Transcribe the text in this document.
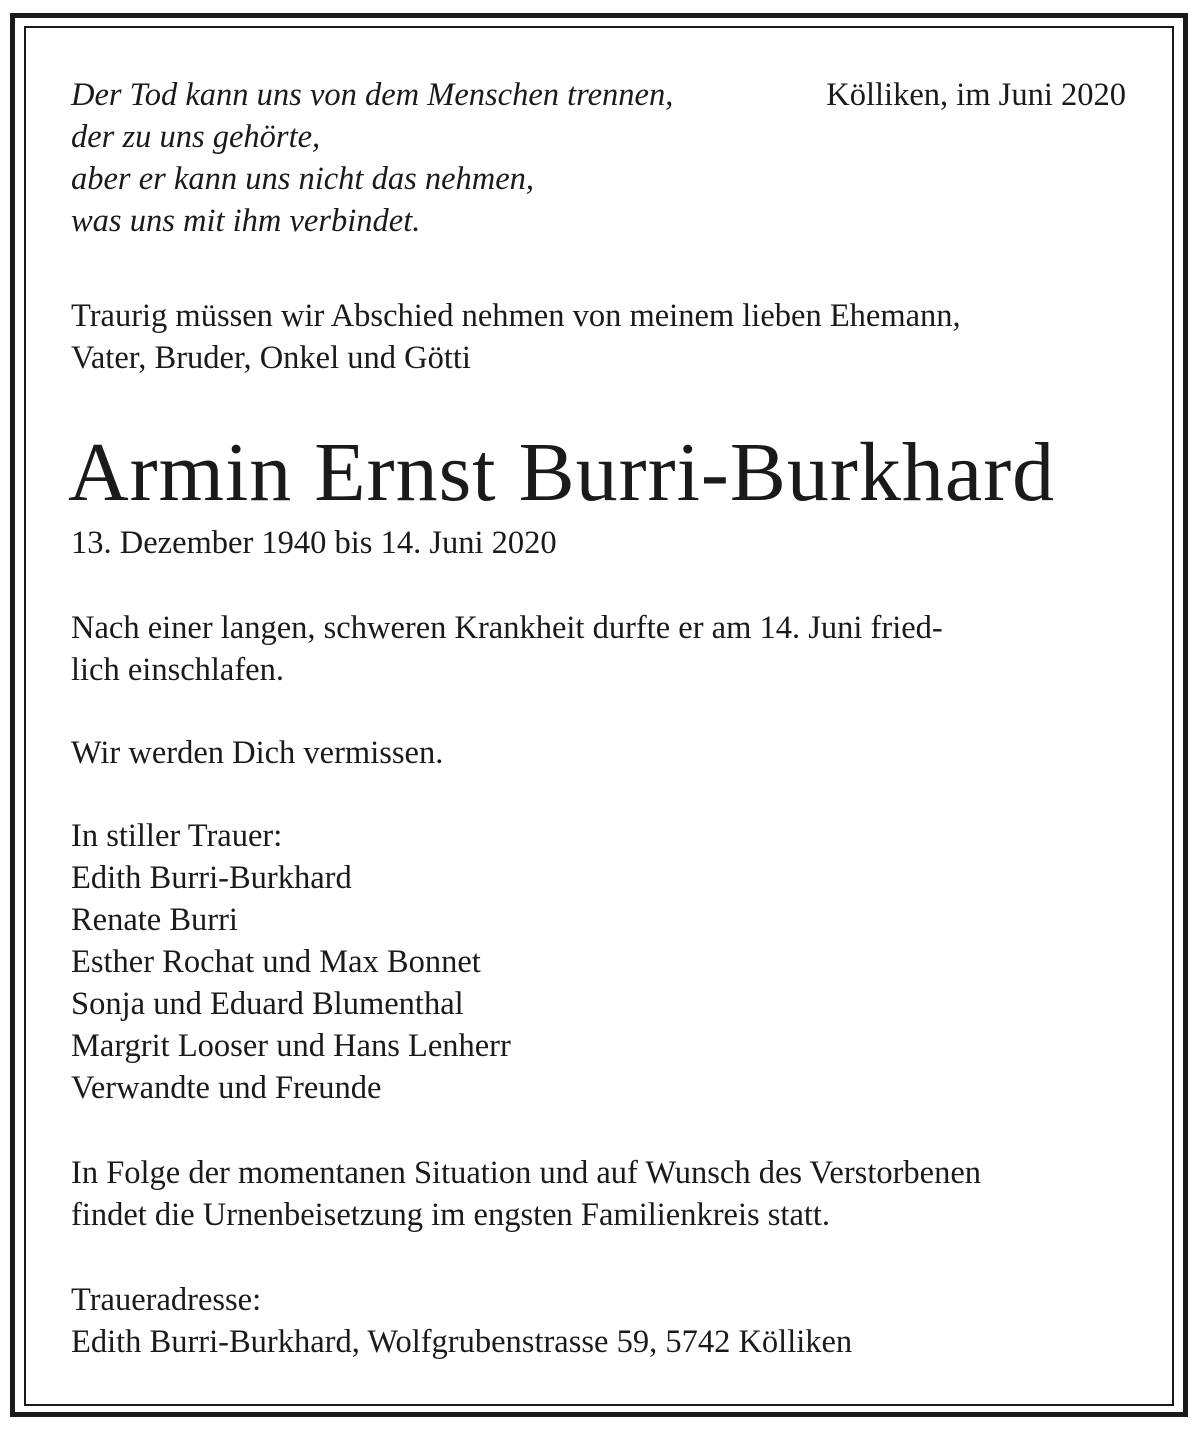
Der Tod kann uns von dem Menschen trennen,
der zu uns gehörte,
aber er kann uns nicht das nehmen,
was uns mit ihm verbindet.
Kölliken, im Juni 2020
Traurig müssen wir Abschied nehmen von meinem lieben Ehemann,
Vater, Bruder, Onkel und Götti
Armin Ernst Burri-Burkhard
13. Dezember 1940 bis 14. Juni 2020
Nach einer langen, schweren Krankheit durfte er am 14. Juni fried-
lich einschlafen.
Wir werden Dich vermissen.
In stiller Trauer:
Edith Burri-Burkhard
Renate Burri
Esther Rochat und Max Bonnet
Sonja und Eduard Blumenthal
Margrit Looser und Hans Lenherr
Verwandte und Freunde
In Folge der momentanen Situation und auf Wunsch des Verstorbenen
findet die Urnenbeisetzung im engsten Familienkreis statt.
Traueradresse:
Edith Burri-Burkhard, Wolfgrubenstrasse 59, 5742 Kölliken
